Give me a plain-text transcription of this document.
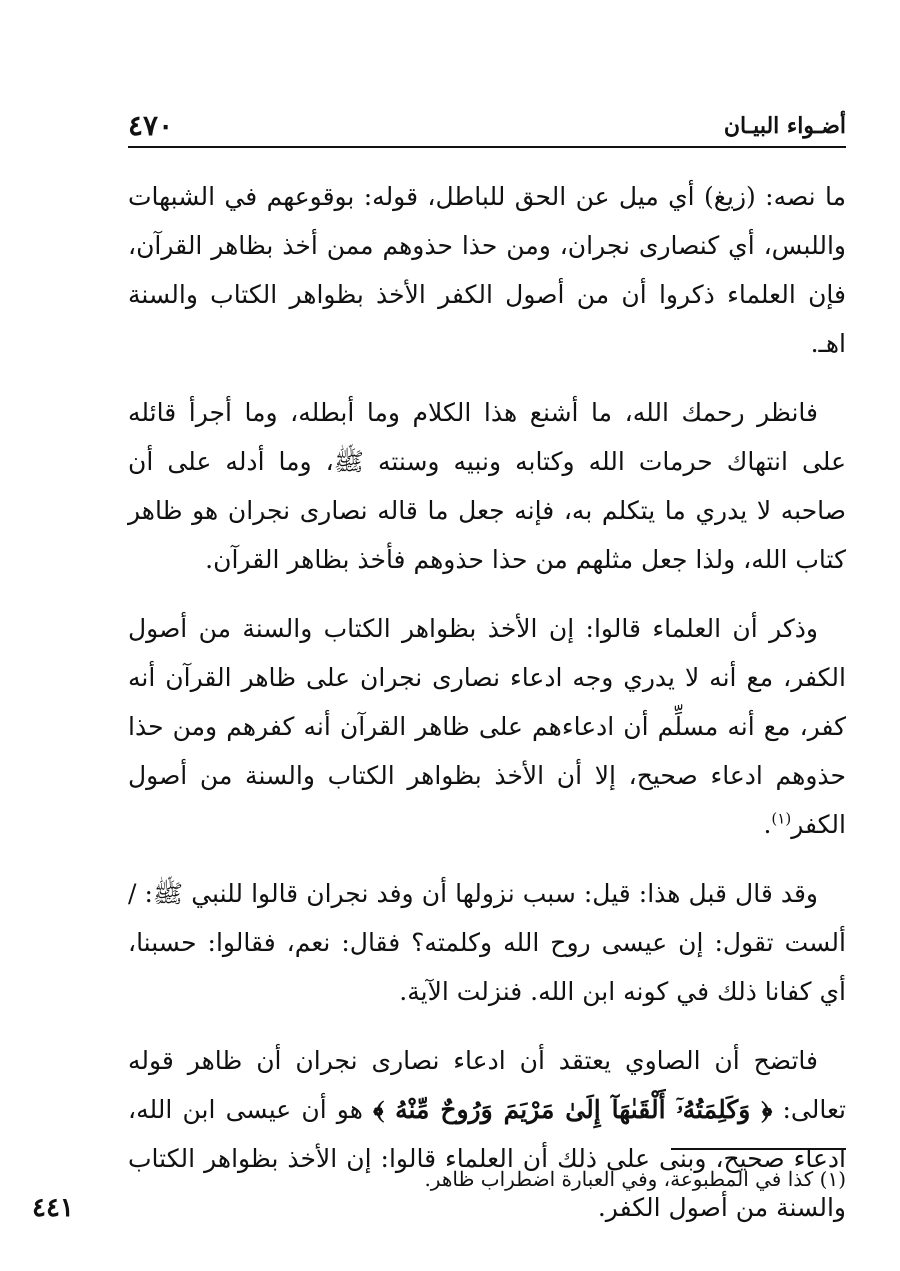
أضـواء البيـان
٤٧٠

ما نصه: (زيغ) أي ميل عن الحق للباطل، قوله: بوقوعهم في الشبهات واللبس، أي كنصارى نجران، ومن حذا حذوهم ممن أخذ بظاهر القرآن، فإن العلماء ذكروا أن من أصول الكفر الأخذ بظواهر الكتاب والسنة اهـ.

فانظر رحمك الله، ما أشنع هذا الكلام وما أبطله، وما أجرأ قائله على انتهاك حرمات الله وكتابه ونبيه وسنته ﷺ، وما أدله على أن صاحبه لا يدري ما يتكلم به، فإنه جعل ما قاله نصارى نجران هو ظاهر كتاب الله، ولذا جعل مثلهم من حذا حذوهم فأخذ بظاهر القرآن.

وذكر أن العلماء قالوا: إن الأخذ بظواهر الكتاب والسنة من أصول الكفر، مع أنه لا يدري وجه ادعاء نصارى نجران على ظاهر القرآن أنه كفر، مع أنه مسلِّم أن ادعاءهم على ظاهر القرآن أنه كفرهم ومن حذا حذوهم ادعاء صحيح، إلا أن الأخذ بظواهر الكتاب والسنة من أصول الكفر$^{(١)}$.

وقد قال قبل هذا: قيل: سبب نزولها أن وفد نجران قالوا للنبي ﷺ: /ألست تقول: إن عيسى روح الله وكلمته؟ فقال: نعم، فقالوا: حسبنا، أي كفانا ذلك في كونه ابن الله. فنزلت الآية.

فاتضح أن الصاوي يعتقد أن ادعاء نصارى نجران أن ظاهر قوله تعالى: ﴿ وَكَلِمَتُهُۥٓ أَلْقَىٰهَآ إِلَىٰ مَرْيَمَ وَرُوحٌ مِّنْهُ ﴾ هو أن عيسى ابن الله، ادعاء صحيح، وبنى على ذلك أن العلماء قالوا: إن الأخذ بظواهر الكتاب والسنة من أصول الكفر.

٤٤١
(١) كذا في المطبوعة، وفي العبارة اضطراب ظاهر.
